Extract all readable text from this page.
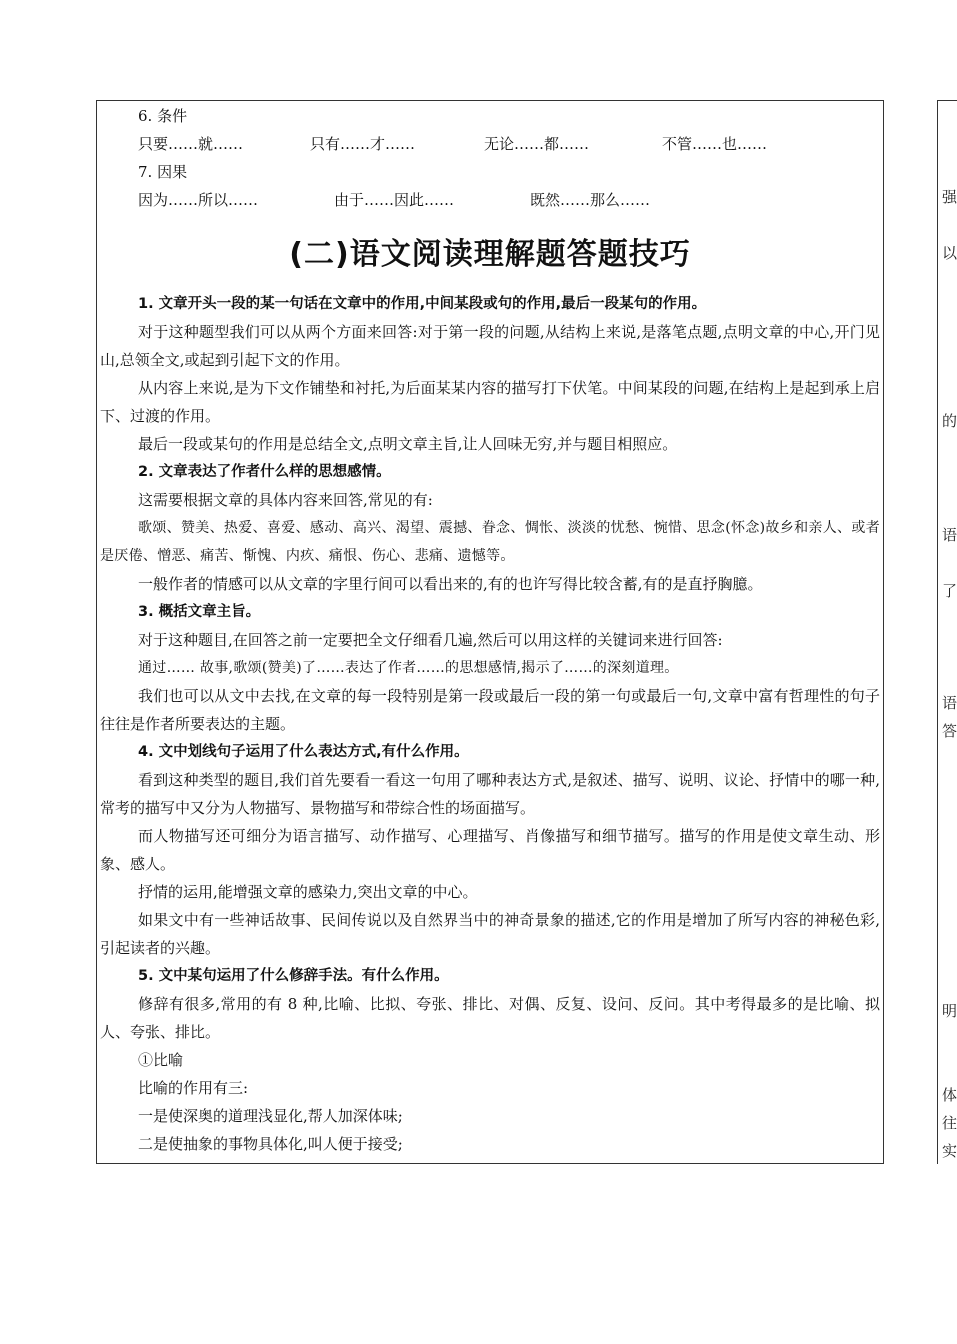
6. 条件

只要……就……	只有……才……	无论……都……	不管……也……

7. 因果

因为……所以……	由于……因此……	既然……那么……
(二)语文阅读理解题答题技巧

1. 文章开头一段的某一句话在文章中的作用,中间某段或句的作用,最后一段某句的作用。

对于这种题型我们可以从两个方面来回答:对于第一段的问题,从结构上来说,是落笔点题,点明文章的中心,开门见山,总领全文,或起到引起下文的作用。

从内容上来说,是为下文作铺垫和衬托,为后面某某内容的描写打下伏笔。中间某段的问题,在结构上是起到承上启下、过渡的作用。

最后一段或某句的作用是总结全文,点明文章主旨,让人回味无穷,并与题目相照应。

2. 文章表达了作者什么样的思想感情。

这需要根据文章的具体内容来回答,常见的有:

歌颂、赞美、热爱、喜爱、感动、高兴、渴望、震撼、眷念、惆怅、淡淡的忧愁、惋惜、思念(怀念)故乡和亲人、或者是厌倦、憎恶、痛苦、惭愧、内疚、痛恨、伤心、悲痛、遗憾等。

一般作者的情感可以从文章的字里行间可以看出来的,有的也许写得比较含蓄,有的是直抒胸臆。

3. 概括文章主旨。

对于这种题目,在回答之前一定要把全文仔细看几遍,然后可以用这样的关键词来进行回答:

通过…… 故事,歌颂(赞美)了……表达了作者……的思想感情,揭示了……的深刻道理。

我们也可以从文中去找,在文章的每一段特别是第一段或最后一段的第一句或最后一句,文章中富有哲理性的句子往往是作者所要表达的主题。

4. 文中划线句子运用了什么表达方式,有什么作用。

看到这种类型的题目,我们首先要看一看这一句用了哪种表达方式,是叙述、描写、说明、议论、抒情中的哪一种,常考的描写中又分为人物描写、景物描写和带综合性的场面描写。

而人物描写还可细分为语言描写、动作描写、心理描写、肖像描写和细节描写。描写的作用是使文章生动、形象、感人。

抒情的运用,能增强文章的感染力,突出文章的中心。

如果文中有一些神话故事、民间传说以及自然界当中的神奇景象的描述,它的作用是增加了所写内容的神秘色彩,引起读者的兴趣。

5. 文中某句运用了什么修辞手法。有什么作用。

修辞有很多,常用的有 8 种,比喻、比拟、夸张、排比、对偶、反复、设问、反问。其中考得最多的是比喻、拟人、夸张、排比。

①比喻

比喻的作用有三:

一是使深奥的道理浅显化,帮人加深体味;

二是使抽象的事物具体化,叫人便于接受;

强
以
的
语
了
语
答
明
体
往
实
